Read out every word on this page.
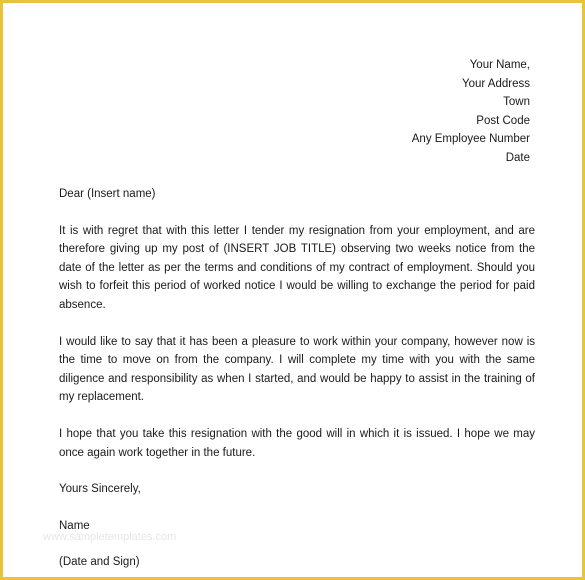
Your Name,
Your Address
Town
Post Code
Any Employee Number
Date

Dear (Insert name)

It is with regret that with this letter I tender my resignation from your employment, and are therefore giving up my post of (INSERT JOB TITLE) observing two weeks notice from the date of the letter as per the terms and conditions of my contract of employment. Should you wish to forfeit this period of worked notice I would be willing to exchange the period for paid absence.

I would like to say that it has been a pleasure to work within your company, however now is the time to move on from the company. I will complete my time with you with the same diligence and responsibility as when I started, and would be happy to assist in the training of my replacement.

I hope that you take this resignation with the good will in which it is issued. I hope we may once again work together in the future.

Yours Sincerely,

Name

(Date and Sign)

www.sampletemplates.com
